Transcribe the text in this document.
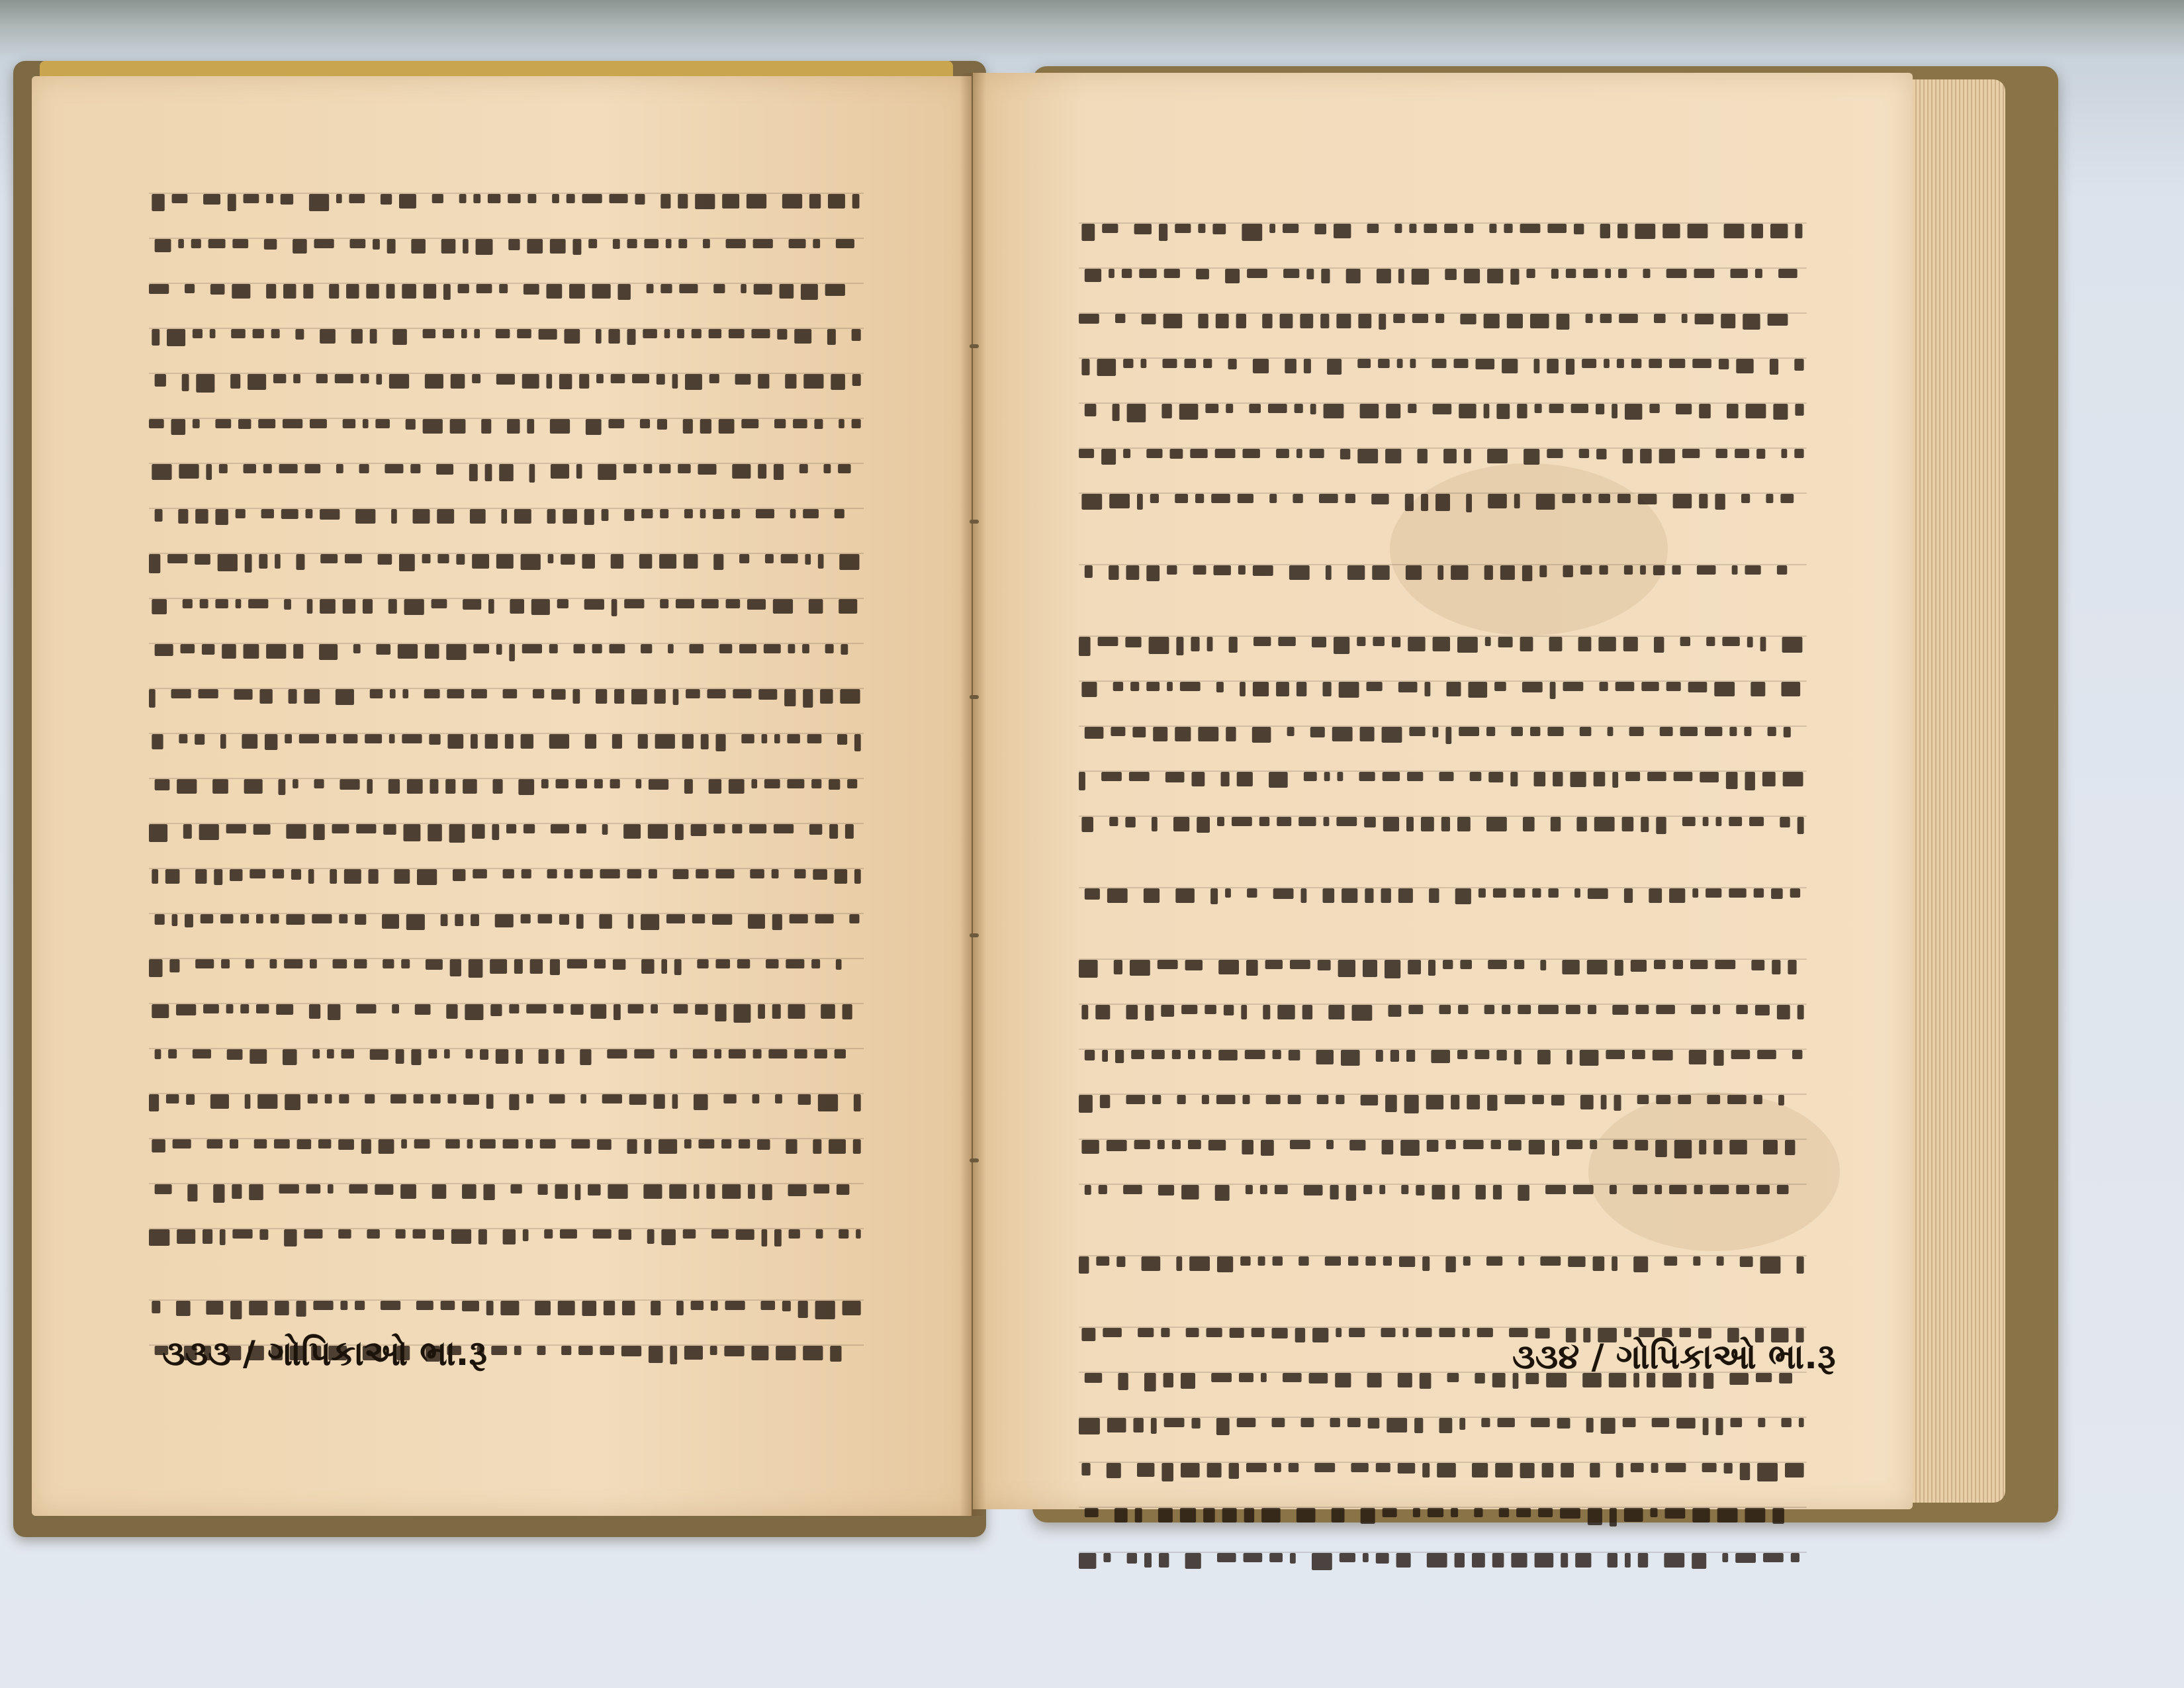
૩૩૩ / ગોપિકાઓ ભા.રૂ	૩૩૪ / ગોપિકાઓ ભા.રૂ
